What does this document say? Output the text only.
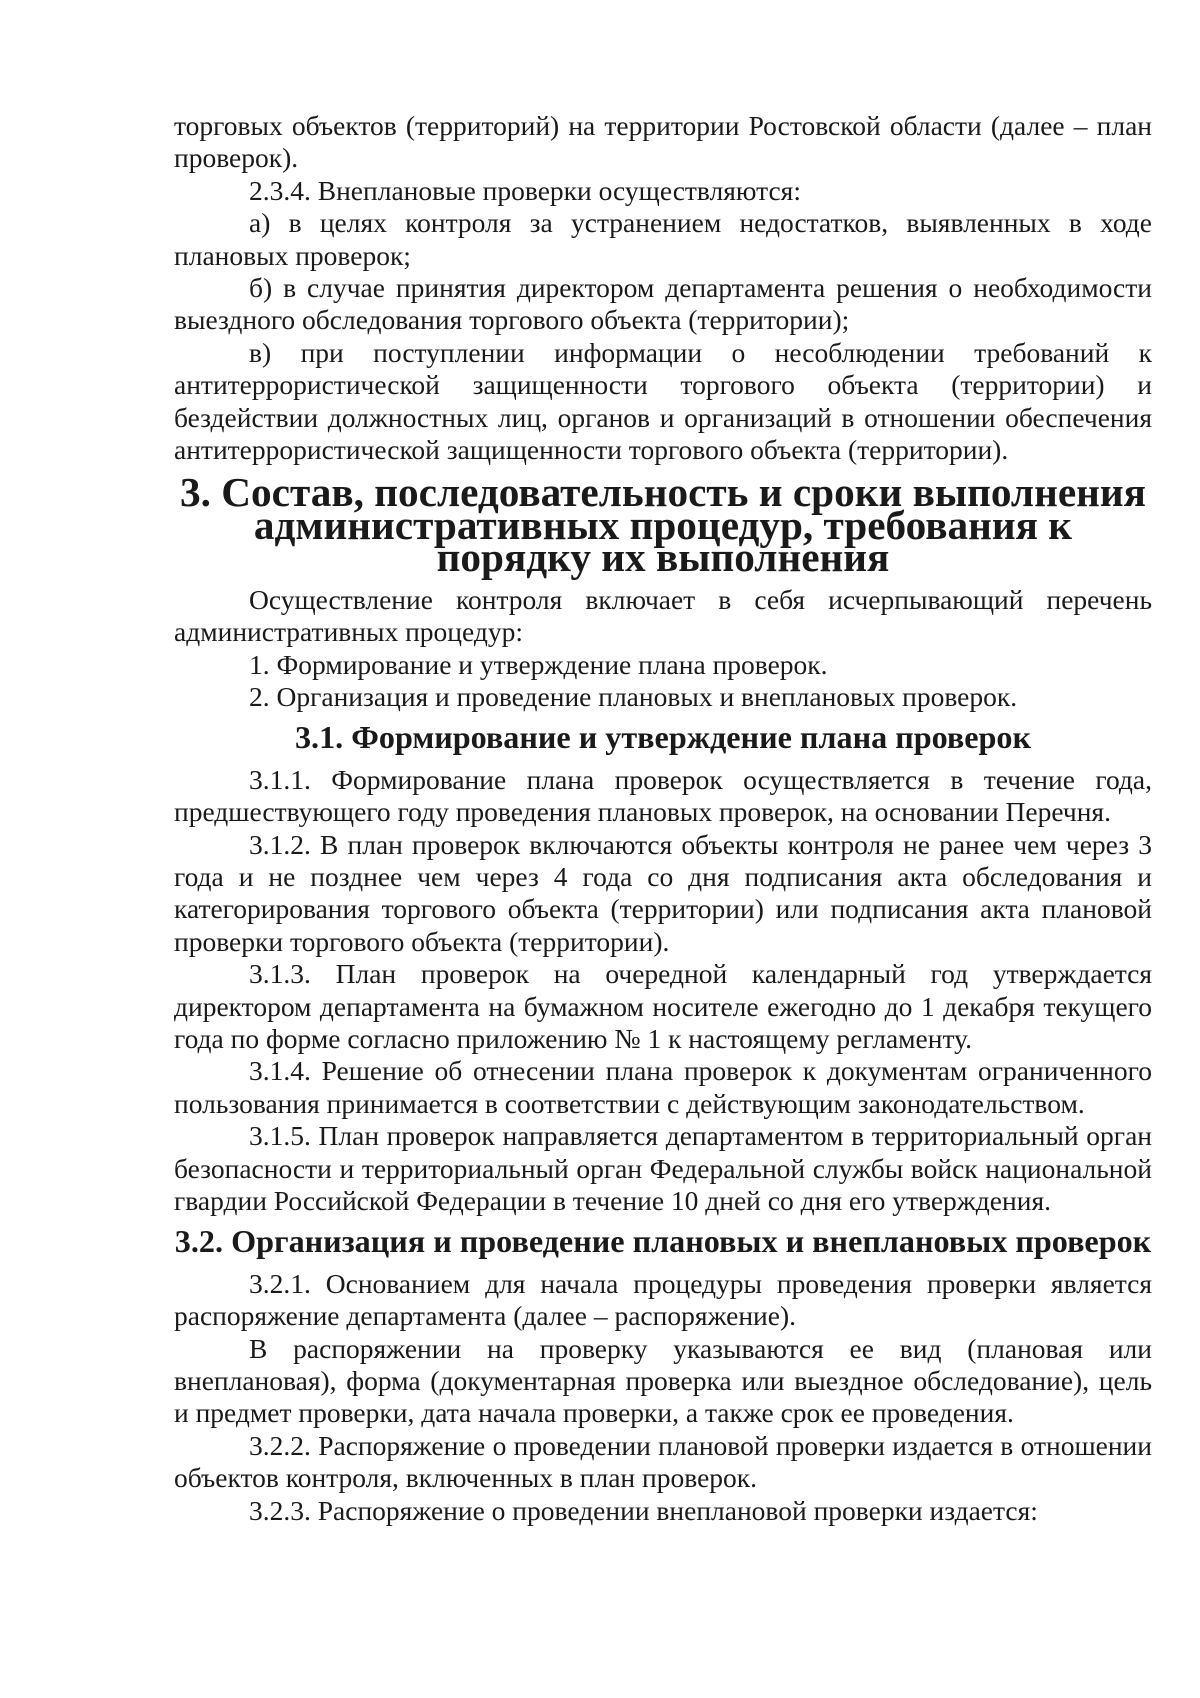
торговых объектов (территорий) на территории Ростовской области (далее – план проверок).

2.3.4. Внеплановые проверки осуществляются:

а) в целях контроля за устранением недостатков, выявленных в ходе плановых проверок;

б) в случае принятия директором департамента решения о необходимости выездного обследования торгового объекта (территории);

в) при поступлении информации о несоблюдении требований к антитеррористической защищенности торгового объекта (территории) и бездействии должностных лиц, органов и организаций в отношении обеспечения антитеррористической защищенности торгового объекта (территории).

3. Состав, последовательность и сроки выполнения административных процедур, требования к порядку их выполнения

Осуществление контроля включает в себя исчерпывающий перечень административных процедур:

1. Формирование и утверждение плана проверок.

2. Организация и проведение плановых и внеплановых проверок.

3.1. Формирование и утверждение плана проверок

3.1.1. Формирование плана проверок осуществляется в течение года, предшествующего году проведения плановых проверок, на основании Перечня.

3.1.2. В план проверок включаются объекты контроля не ранее чем через 3 года и не позднее чем через 4 года со дня подписания акта обследования и категорирования торгового объекта (территории) или подписания акта плановой проверки торгового объекта (территории).

3.1.3. План проверок на очередной календарный год утверждается директором департамента на бумажном носителе ежегодно до 1 декабря текущего года по форме согласно приложению № 1 к настоящему регламенту.

3.1.4. Решение об отнесении плана проверок к документам ограниченного пользования принимается в соответствии с действующим законодательством.

3.1.5. План проверок направляется департаментом в территориальный орган безопасности и территориальный орган Федеральной службы войск национальной гвардии Российской Федерации в течение 10 дней со дня его утверждения.

3.2. Организация и проведение плановых и внеплановых проверок

3.2.1. Основанием для начала процедуры проведения проверки является распоряжение департамента (далее – распоряжение).

В распоряжении на проверку указываются ее вид (плановая или внеплановая), форма (документарная проверка или выездное обследование), цель и предмет проверки, дата начала проверки, а также срок ее проведения.

3.2.2. Распоряжение о проведении плановой проверки издается в отношении объектов контроля, включенных в план проверок.

3.2.3. Распоряжение о проведении внеплановой проверки издается:
